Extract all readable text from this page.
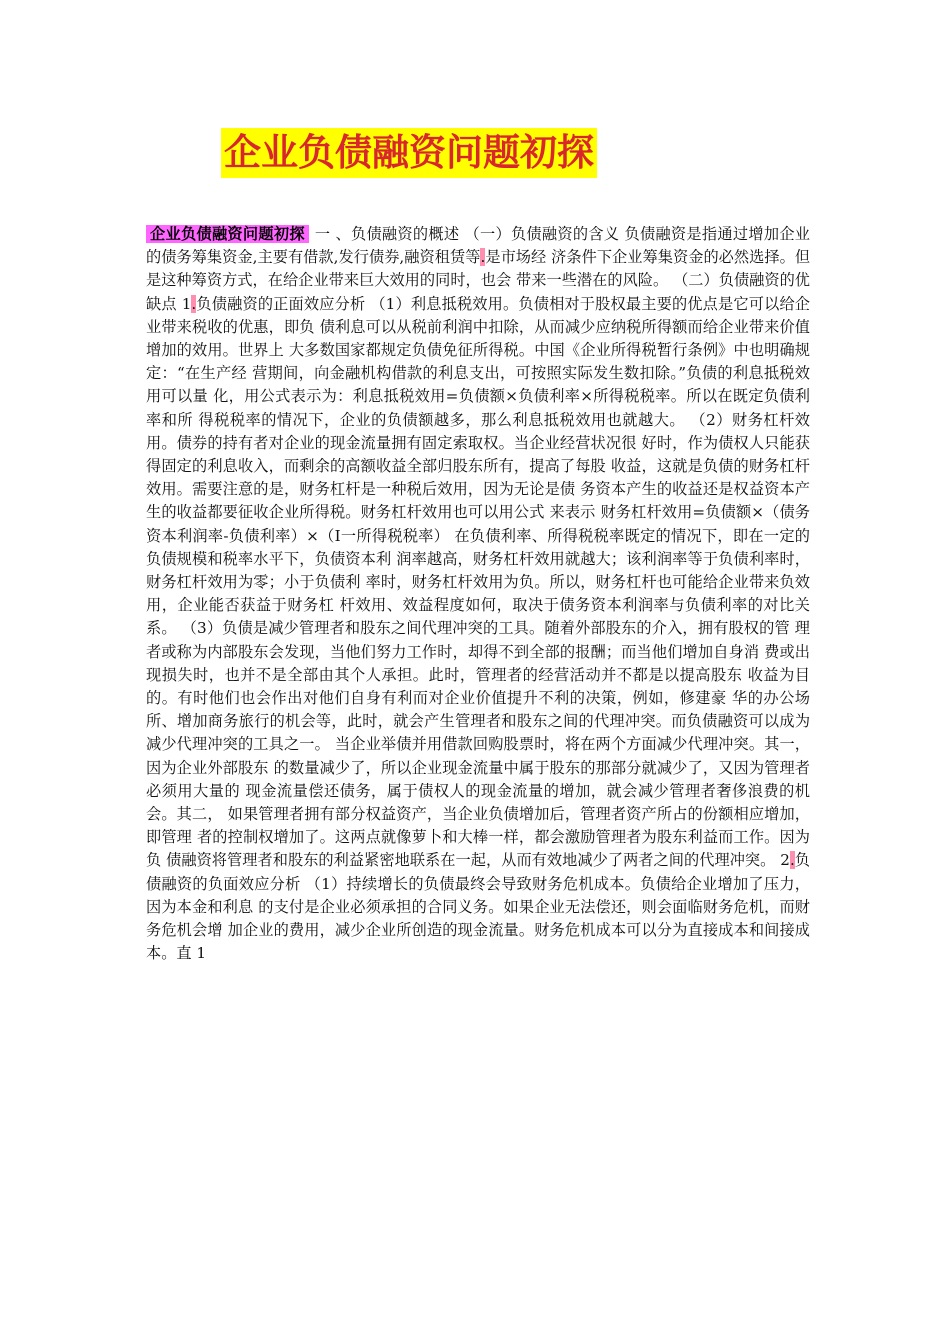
企业负债融资问题初探
企业负债融资问题初探 一 、负债融资的概述 （一）负债融资的含义 负债融资是指通过增加企业的债务筹集资金,主要有借款,发行债券,融资租赁等.是市场经 济条件下企业筹集资金的必然选择。但是这种筹资方式，在给企业带来巨大效用的同时，也会 带来一些潜在的风险。 （二）负债融资的优缺点 1.负债融资的正面效应分析 （1）利息抵税效用。负债相对于股权最主要的优点是它可以给企业带来税收的优惠，即负 债利息可以从税前利润中扣除，从而减少应纳税所得额而给企业带来价值增加的效用。世界上 大多数国家都规定负债免征所得税。中国《企业所得税暂行条例》中也明确规定：“在生产经 营期间，向金融机构借款的利息支出，可按照实际发生数扣除。”负债的利息抵税效用可以量 化，用公式表示为：利息抵税效用=负债额×负债利率×所得税税率。所以在既定负债利率和所 得税税率的情况下，企业的负债额越多，那么利息抵税效用也就越大。 （2）财务杠杆效用。债券的持有者对企业的现金流量拥有固定索取权。当企业经营状况很 好时，作为债权人只能获得固定的利息收入，而剩余的高额收益全部归股东所有，提高了每股 收益，这就是负债的财务杠杆效用。需要注意的是，财务杠杆是一种税后效用，因为无论是债 务资本产生的收益还是权益资本产生的收益都要征收企业所得税。财务杠杆效用也可以用公式 来表示 财务杠杆效用=负债额×（债务资本利润率-负债利率）×（I一所得税税率） 在负债利率、所得税税率既定的情况下，即在一定的负债规模和税率水平下，负债资本利 润率越高，财务杠杆效用就越大；该利润率等于负债利率时，财务杠杆效用为零；小于负债利 率时，财务杠杆效用为负。所以，财务杠杆也可能给企业带来负效用，企业能否获益于财务杠 杆效用、效益程度如何，取决于债务资本利润率与负债利率的对比关系。 （3）负债是减少管理者和股东之间代理冲突的工具。随着外部股东的介入，拥有股权的管 理者或称为内部股东会发现，当他们努力工作时，却得不到全部的报酬；而当他们增加自身消 费或出现损失时，也并不是全部由其个人承担。此时，管理者的经营活动并不都是以提高股东 收益为目的。有时他们也会作出对他们自身有利而对企业价值提升不利的决策，例如，修建豪 华的办公场所、增加商务旅行的机会等，此时，就会产生管理者和股东之间的代理冲突。而负债融资可以成为减少代理冲突的工具之一。 当企业举债并用借款回购股票时，将在两个方面减少代理冲突。其一，因为企业外部股东 的数量减少了，所以企业现金流量中属于股东的那部分就减少了，又因为管理者必须用大量的 现金流量偿还债务，属于债权人的现金流量的增加，就会减少管理者奢侈浪费的机会。其二， 如果管理者拥有部分权益资产，当企业负债增加后，管理者资产所占的份额相应增加，即管理 者的控制权增加了。这两点就像萝卜和大棒一样，都会激励管理者为股东利益而工作。因为负 债融资将管理者和股东的利益紧密地联系在一起，从而有效地减少了两者之间的代理冲突。 2.负债融资的负面效应分析 （1）持续增长的负债最终会导致财务危机成本。负债给企业增加了压力，因为本金和利息 的支付是企业必须承担的合同义务。如果企业无法偿还，则会面临财务危机，而财务危机会增 加企业的费用，减少企业所创造的现金流量。财务危机成本可以分为直接成本和间接成本。直 1
